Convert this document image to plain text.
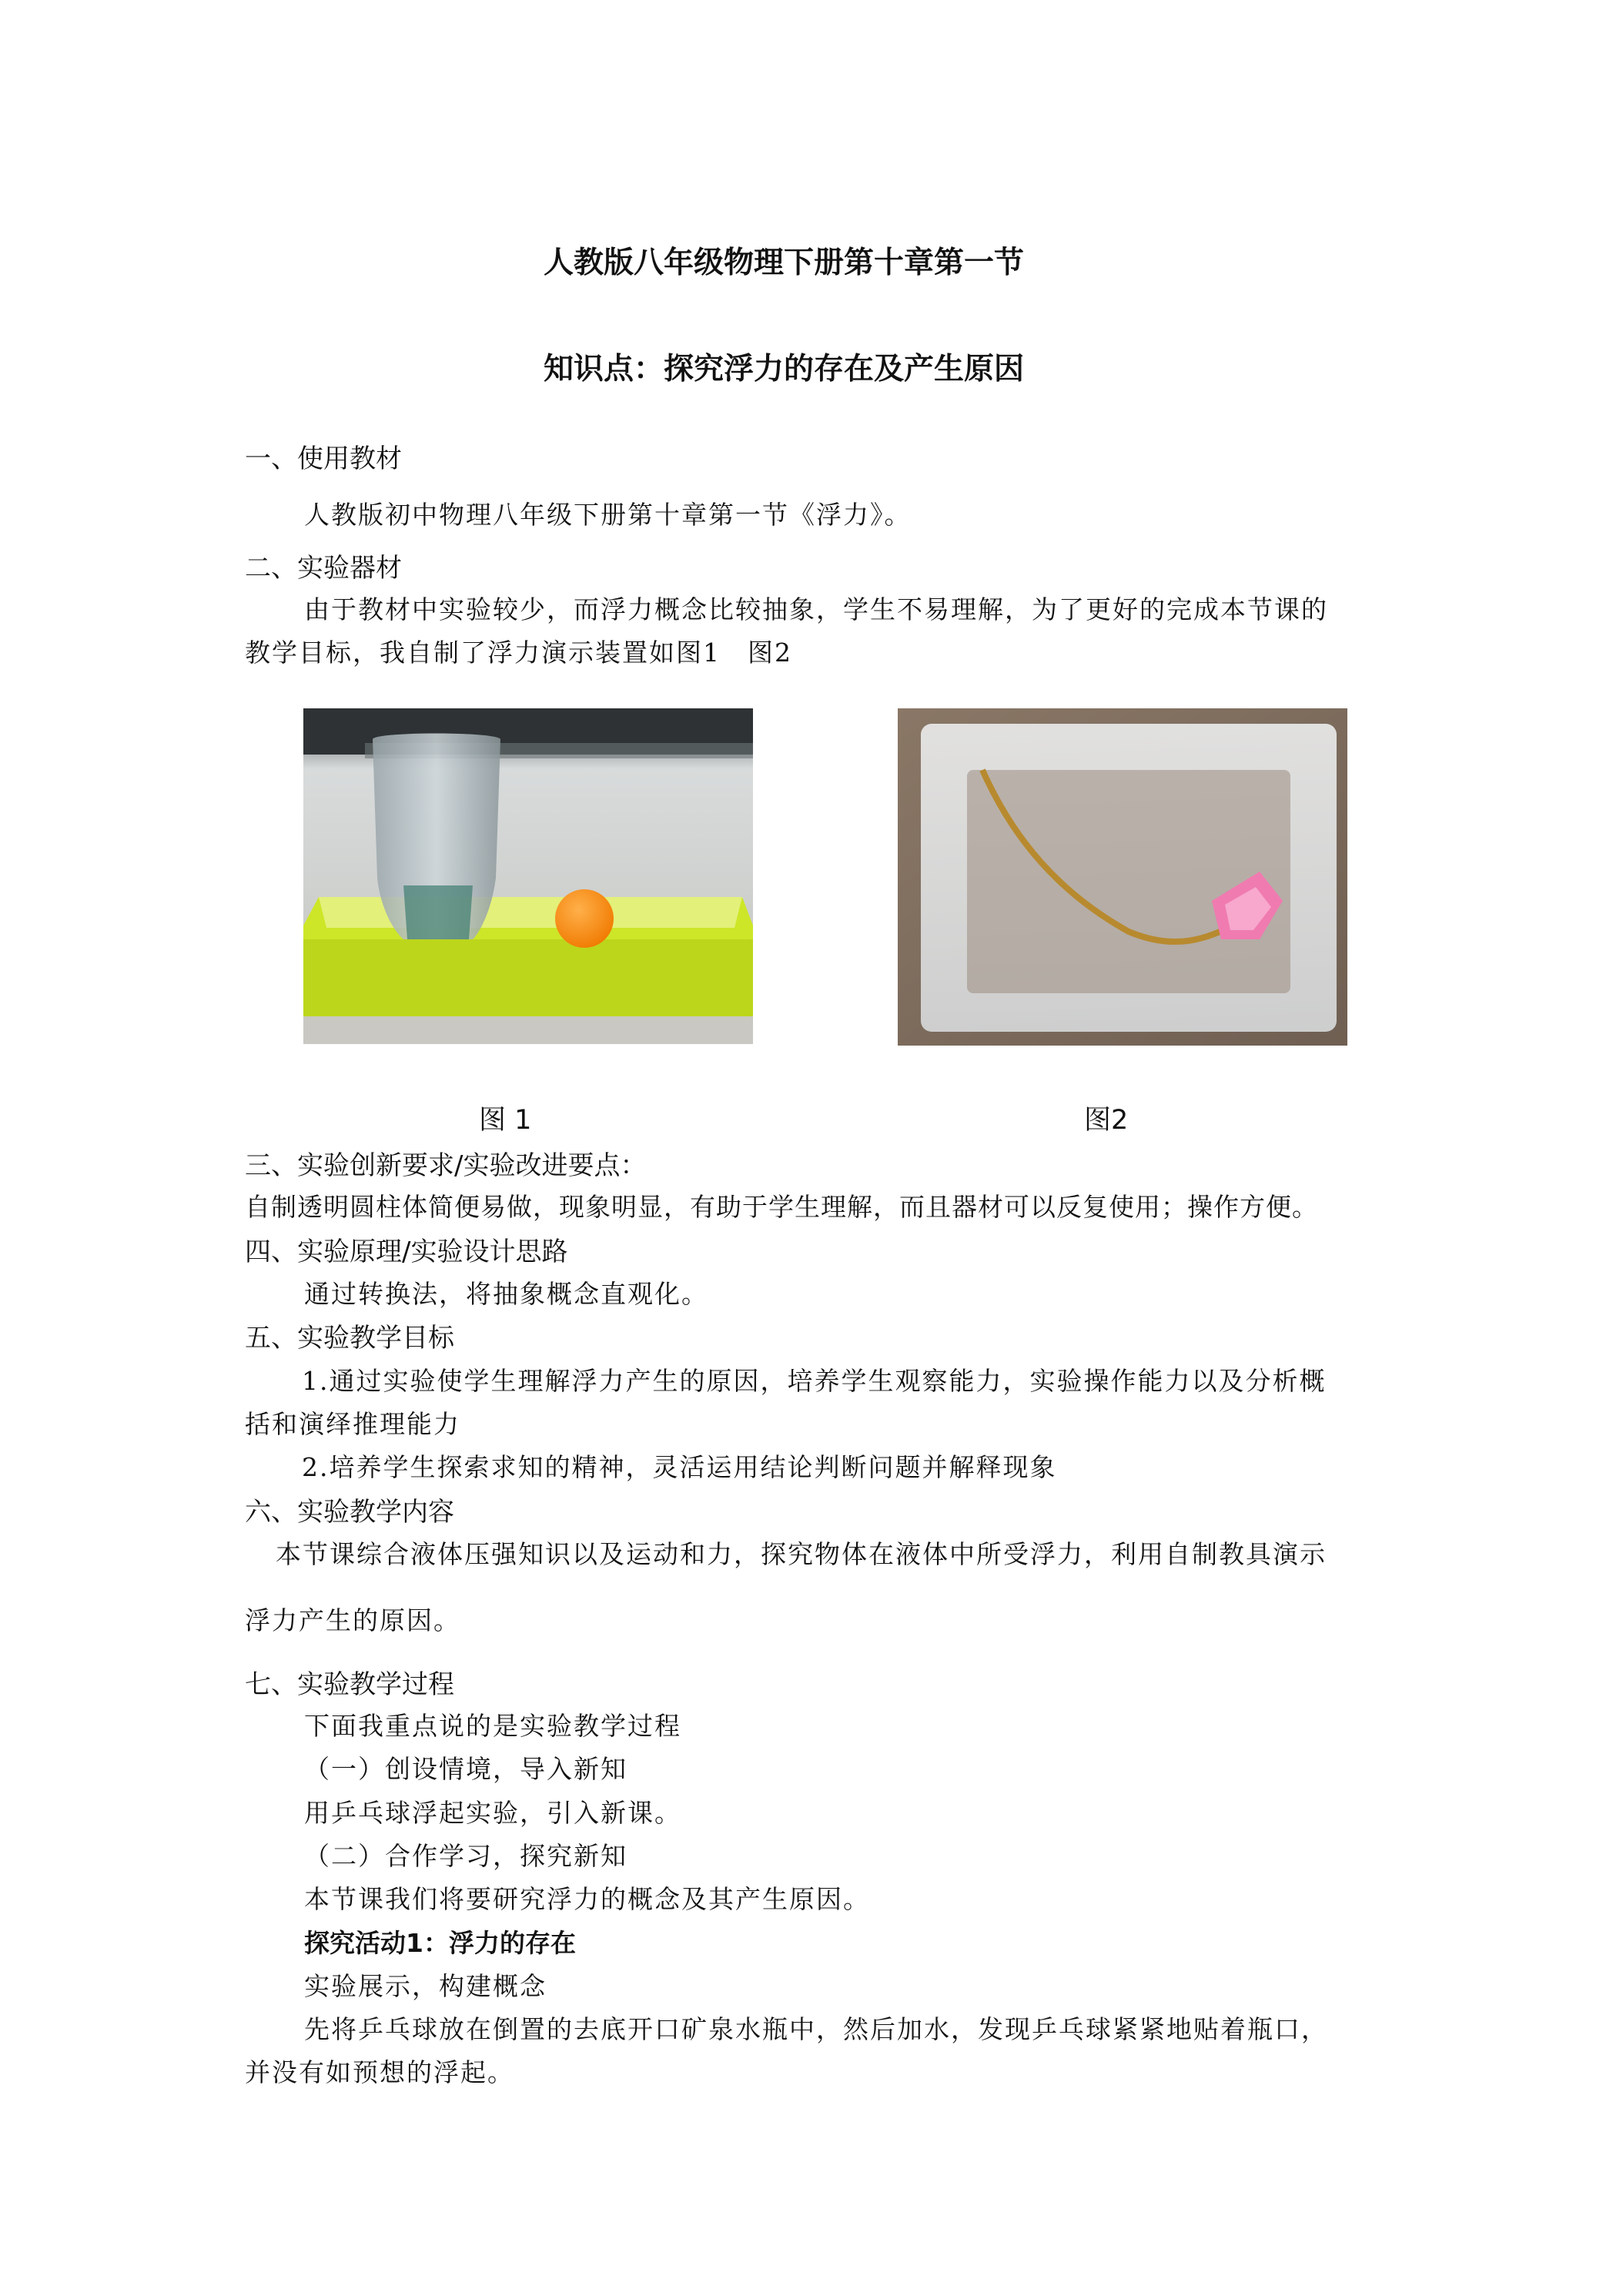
人教版八年级物理下册第十章第一节
知识点：探究浮力的存在及产生原因
一、使用教材
人教版初中物理八年级下册第十章第一节《浮力》。
二、实验器材
由于教材中实验较少，而浮力概念比较抽象，学生不易理解，为了更好的完成本节课的
教学目标，我自制了浮力演示装置如图1　图2
图 1	图2
三、实验创新要求/实验改进要点：
自制透明圆柱体简便易做，现象明显，有助于学生理解，而且器材可以反复使用；操作方便。
四、实验原理/实验设计思路
通过转换法，将抽象概念直观化。
五、实验教学目标
1.通过实验使学生理解浮力产生的原因，培养学生观察能力，实验操作能力以及分析概
括和演绎推理能力
2.培养学生探索求知的精神，灵活运用结论判断问题并解释现象
六、实验教学内容
本节课综合液体压强知识以及运动和力，探究物体在液体中所受浮力，利用自制教具演示
浮力产生的原因。
七、实验教学过程
下面我重点说的是实验教学过程
（一）创设情境，导入新知
用乒乓球浮起实验，引入新课。
（二）合作学习，探究新知
本节课我们将要研究浮力的概念及其产生原因。
探究活动1：浮力的存在
实验展示，构建概念
先将乒乓球放在倒置的去底开口矿泉水瓶中，然后加水，发现乒乓球紧紧地贴着瓶口，
并没有如预想的浮起。
